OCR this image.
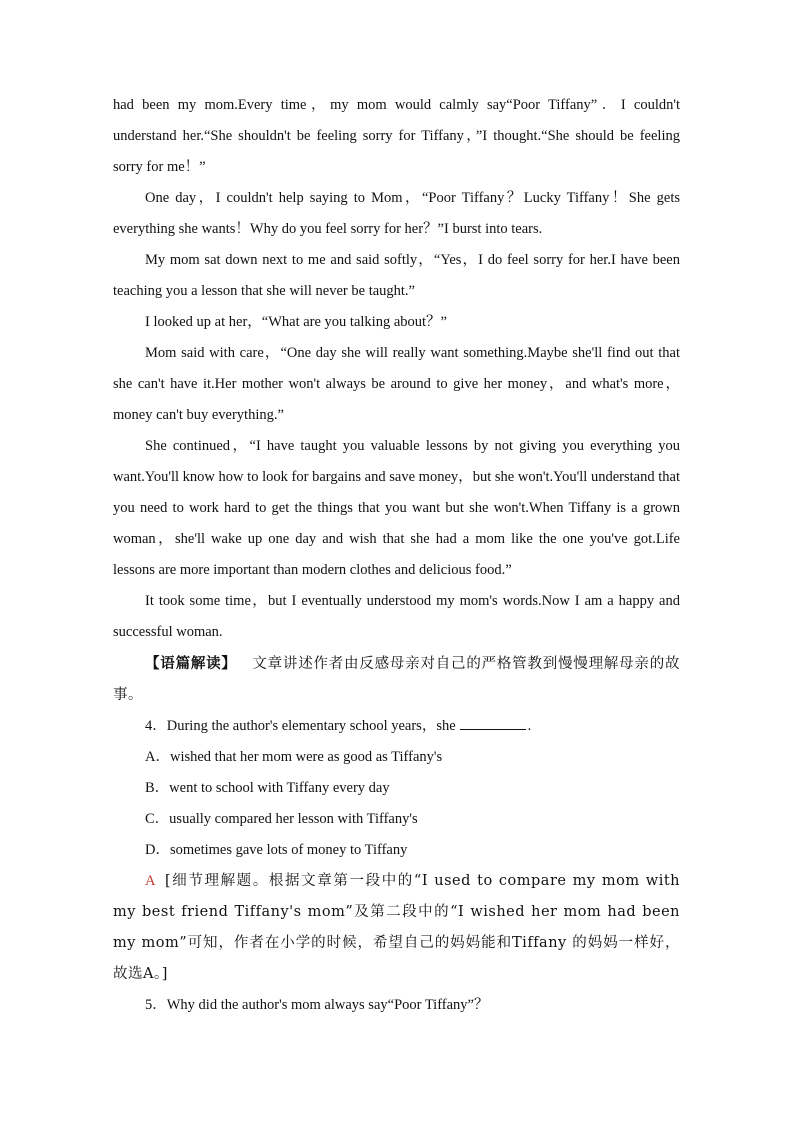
had been my mom.Every time，my mom would calmly say“Poor Tiffany”．I couldn't understand her.“She shouldn't be feeling sorry for Tiffany，”I thought.“She should be feeling sorry for me！”

One day，I couldn't help saying to Mom，“Poor Tiffany？Lucky Tiffany！She gets everything she wants！Why do you feel sorry for her？”I burst into tears.

My mom sat down next to me and said softly，“Yes，I do feel sorry for her.I have been teaching you a lesson that she will never be taught.”

I looked up at her，“What are you talking about？”

Mom said with care，“One day she will really want something.Maybe she'll find out that she can't have it.Her mother won't always be around to give her money，and what's more，money can't buy everything.”

She continued，“I have taught you valuable lessons by not giving you everything you want.You'll know how to look for bargains and save money，but she won't.You'll understand that you need to work hard to get the things that you want but she won't.When Tiffany is a grown woman，she'll wake up one day and wish that she had a mom like the one you've got.Life lessons are more important than modern clothes and delicious food.”

It took some time，but I eventually understood my mom's words.Now I am a happy and successful woman.

【语篇解读】 文章讲述作者由反感母亲对自己的严格管教到慢慢理解母亲的故事。

4．During the author's elementary school years，she	.

A．wished that her mom were as good as Tiffany's

B．went to school with Tiffany every day

C．usually compared her lesson with Tiffany's

D．sometimes gave lots of money to Tiffany

A [细节理解题。根据文章第一段中的“I used to compare my mom with my best friend Tiffany's mom”及第二段中的“I wished her mom had been my mom”可知，作者在小学的时候，希望自己的妈妈能和Tiffany 的妈妈一样好，故选A。]

5．Why did the author's mom always say“Poor Tiffany”？
